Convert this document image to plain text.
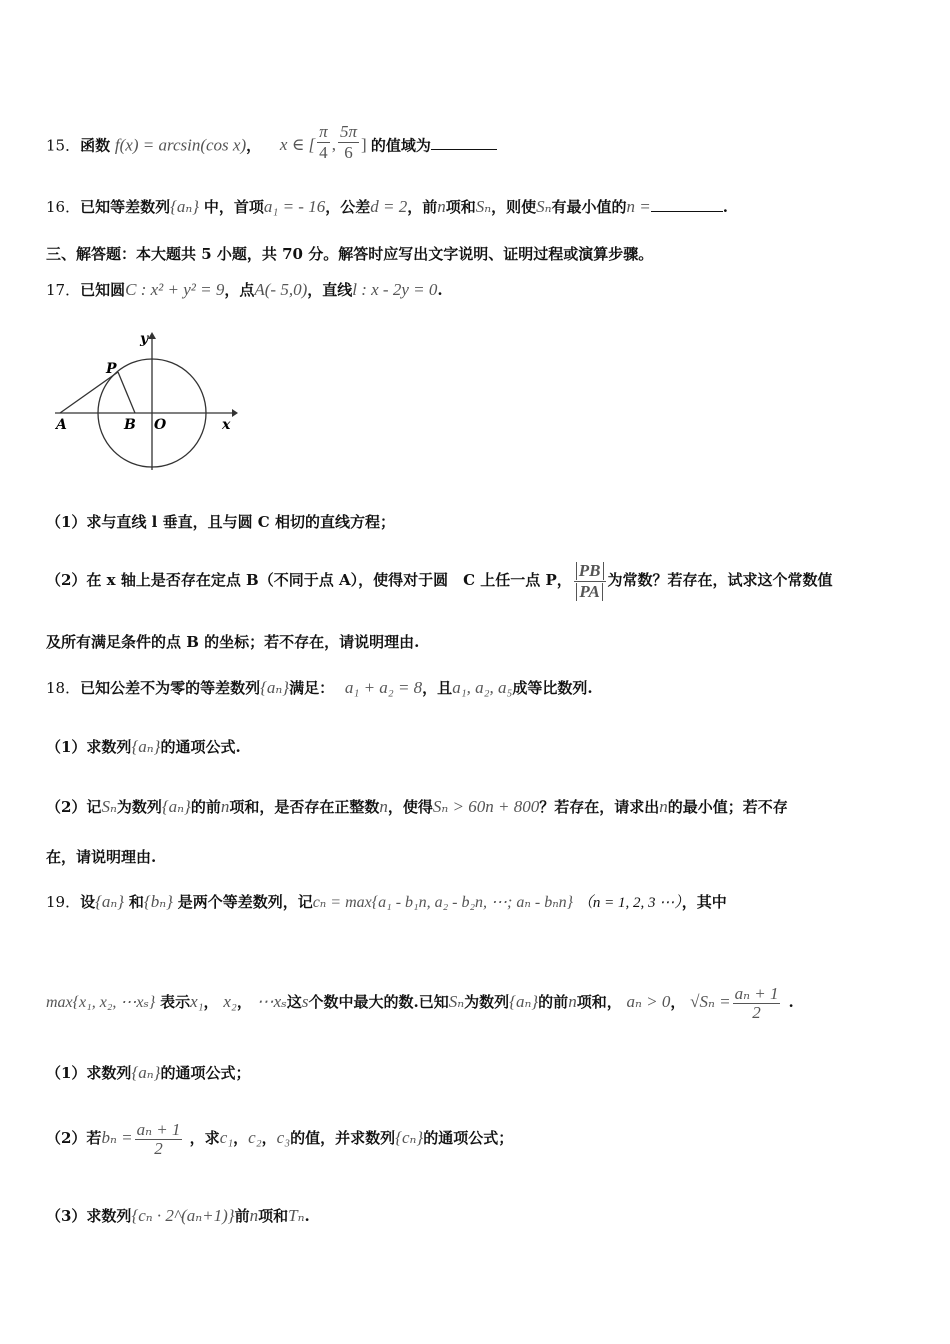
15．函数 f(x) = arcsin(cos x)， x ∈ [ $\frac{\pi}{4}$ , $\frac{5\pi}{6}$ ] 的值域为
16．已知等差数列{aₙ} 中，首项a₁ = - 16，公差d = 2，前n项和Sₙ，则使Sₙ有最小值的n =	.
三、解答题：本大题共 5 小题，共 70 分。解答时应写出文字说明、证明过程或演算步骤。
17．已知圆C : x² + y² = 9，点A(- 5,0)，直线l : x - 2y = 0.
y
x
P
A	B O
（1）求与直线 l 垂直，且与圆 C 相切的直线方程；
（2）在 x 轴上是否存在定点 B（不同于点 A），使得对于圆　C 上任一点 P， $\frac{PB}{PA}$ 为常数？若存在，试求这个常数值
及所有满足条件的点 B 的坐标；若不存在，请说明理由.
18．已知公差不为零的等差数列{aₙ}满足： a₁ + a₂ = 8，且a₁, a₂, a₅成等比数列.
（1）求数列{aₙ}的通项公式.
（2）记Sₙ为数列{aₙ}的前n项和，是否存在正整数n，使得Sₙ > 60n + 800？若存在，请求出n的最小值；若不存
在，请说明理由.
19．设{aₙ} 和{bₙ} 是两个等差数列，记cₙ = max{a₁ - b₁n, a₂ - b₂n, ⋯; aₙ - bₙn} （n = 1, 2, 3 ⋯），其中
max{x₁, x₂, ⋯xₛ} 表示x₁， x₂， ⋯xₛ这s个数中最大的数.已知Sₙ为数列{aₙ}的前n项和， aₙ > 0， $√S_n = \frac{\text{aₙ + 1}}{2}$ .
（1）求数列{aₙ}的通项公式；
（2）若$b_n = \frac{\text{aₙ + 1}}{2}$ ，求c₁，c₂，c₃的值，并求数列{cₙ}的通项公式；
（3）求数列{cₙ · 2^(aₙ+1)}前n项和Tₙ.
